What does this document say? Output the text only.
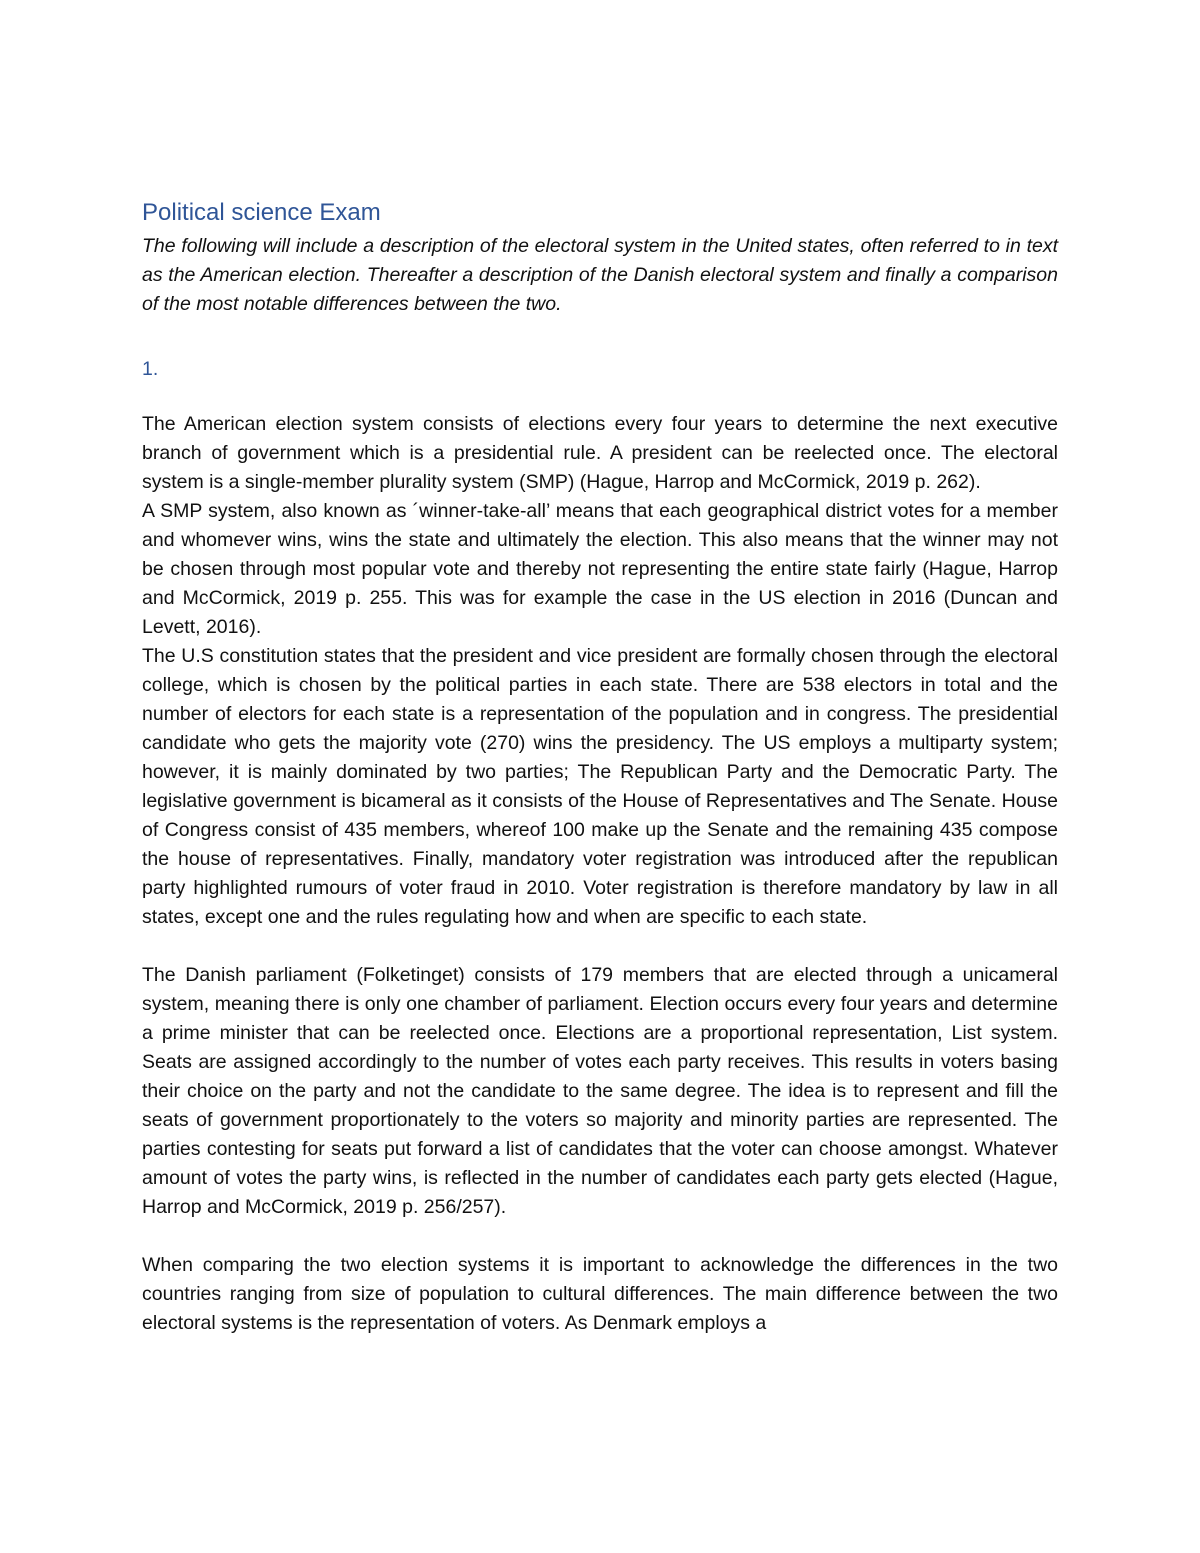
Political science Exam

The following will include a description of the electoral system in the United states, often referred to in text as the American election. Thereafter a description of the Danish electoral system and finally a comparison of the most notable differences between the two.

1.

The American election system consists of elections every four years to determine the next executive branch of government which is a presidential rule. A president can be reelected once. The electoral system is a single-member plurality system (SMP) (Hague, Harrop and McCormick, 2019 p. 262).

A SMP system, also known as ´winner-take-all’ means that each geographical district votes for a member and whomever wins, wins the state and ultimately the election. This also means that the winner may not be chosen through most popular vote and thereby not representing the entire state fairly (Hague, Harrop and McCormick, 2019 p. 255. This was for example the case in the US election in 2016 (Duncan and Levett, 2016).

The U.S constitution states that the president and vice president are formally chosen through the electoral college, which is chosen by the political parties in each state. There are 538 electors in total and the number of electors for each state is a representation of the population and in congress. The presidential candidate who gets the majority vote (270) wins the presidency. The US employs a multiparty system; however, it is mainly dominated by two parties; The Republican Party and the Democratic Party. The legislative government is bicameral as it consists of the House of Representatives and The Senate. House of Congress consist of 435 members, whereof 100 make up the Senate and the remaining 435 compose the house of representatives. Finally, mandatory voter registration was introduced after the republican party highlighted rumours of voter fraud in 2010. Voter registration is therefore mandatory by law in all states, except one and the rules regulating how and when are specific to each state.

The Danish parliament (Folketinget) consists of 179 members that are elected through a unicameral system, meaning there is only one chamber of parliament. Election occurs every four years and determine a prime minister that can be reelected once. Elections are a proportional representation, List system. Seats are assigned accordingly to the number of votes each party receives. This results in voters basing their choice on the party and not the candidate to the same degree. The idea is to represent and fill the seats of government proportionately to the voters so majority and minority parties are represented. The parties contesting for seats put forward a list of candidates that the voter can choose amongst. Whatever amount of votes the party wins, is reflected in the number of candidates each party gets elected (Hague, Harrop and McCormick, 2019 p. 256/257).

When comparing the two election systems it is important to acknowledge the differences in the two countries ranging from size of population to cultural differences. The main difference between the two electoral systems is the representation of voters. As Denmark employs a
